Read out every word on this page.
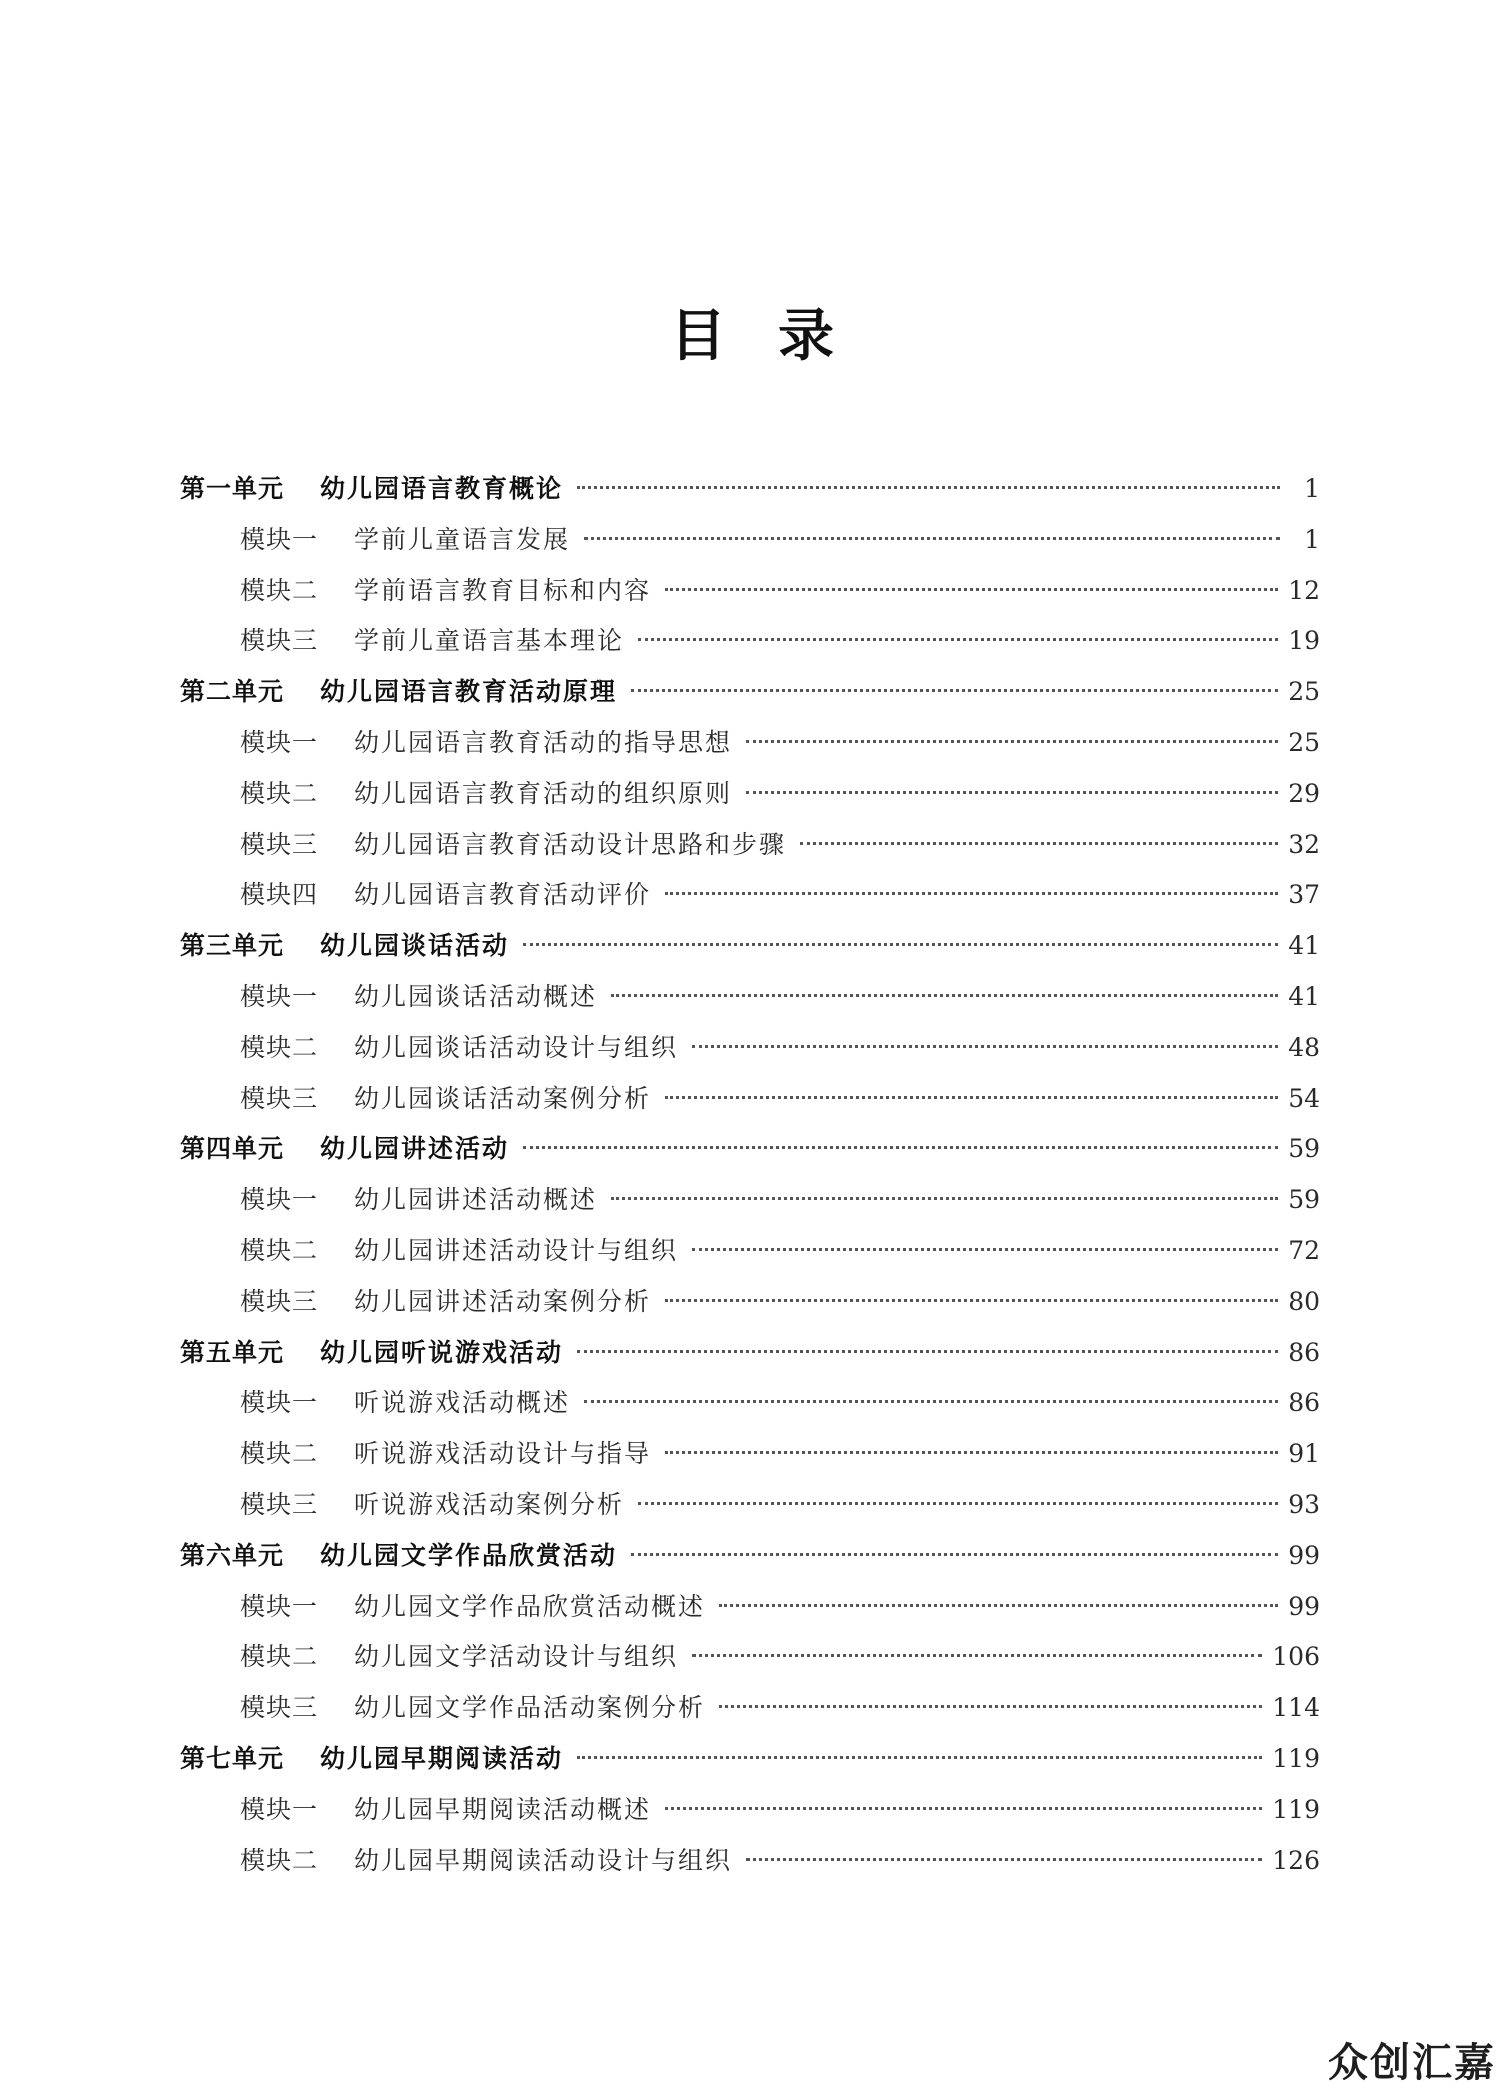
目录
第一单元 幼儿园语言教育概论	1
模块一 学前儿童语言发展	1
模块二 学前语言教育目标和内容	12
模块三 学前儿童语言基本理论	19
第二单元 幼儿园语言教育活动原理	25
模块一 幼儿园语言教育活动的指导思想	25
模块二 幼儿园语言教育活动的组织原则	29
模块三 幼儿园语言教育活动设计思路和步骤	32
模块四 幼儿园语言教育活动评价	37
第三单元 幼儿园谈话活动	41
模块一 幼儿园谈话活动概述	41
模块二 幼儿园谈话活动设计与组织	48
模块三 幼儿园谈话活动案例分析	54
第四单元 幼儿园讲述活动	59
模块一 幼儿园讲述活动概述	59
模块二 幼儿园讲述活动设计与组织	72
模块三 幼儿园讲述活动案例分析	80
第五单元 幼儿园听说游戏活动	86
模块一 听说游戏活动概述	86
模块二 听说游戏活动设计与指导	91
模块三 听说游戏活动案例分析	93
第六单元 幼儿园文学作品欣赏活动	99
模块一 幼儿园文学作品欣赏活动概述	99
模块二 幼儿园文学活动设计与组织	106
模块三 幼儿园文学作品活动案例分析	114
第七单元 幼儿园早期阅读活动	119
模块一 幼儿园早期阅读活动概述	119
模块二 幼儿园早期阅读活动设计与组织	126
众创汇嘉
